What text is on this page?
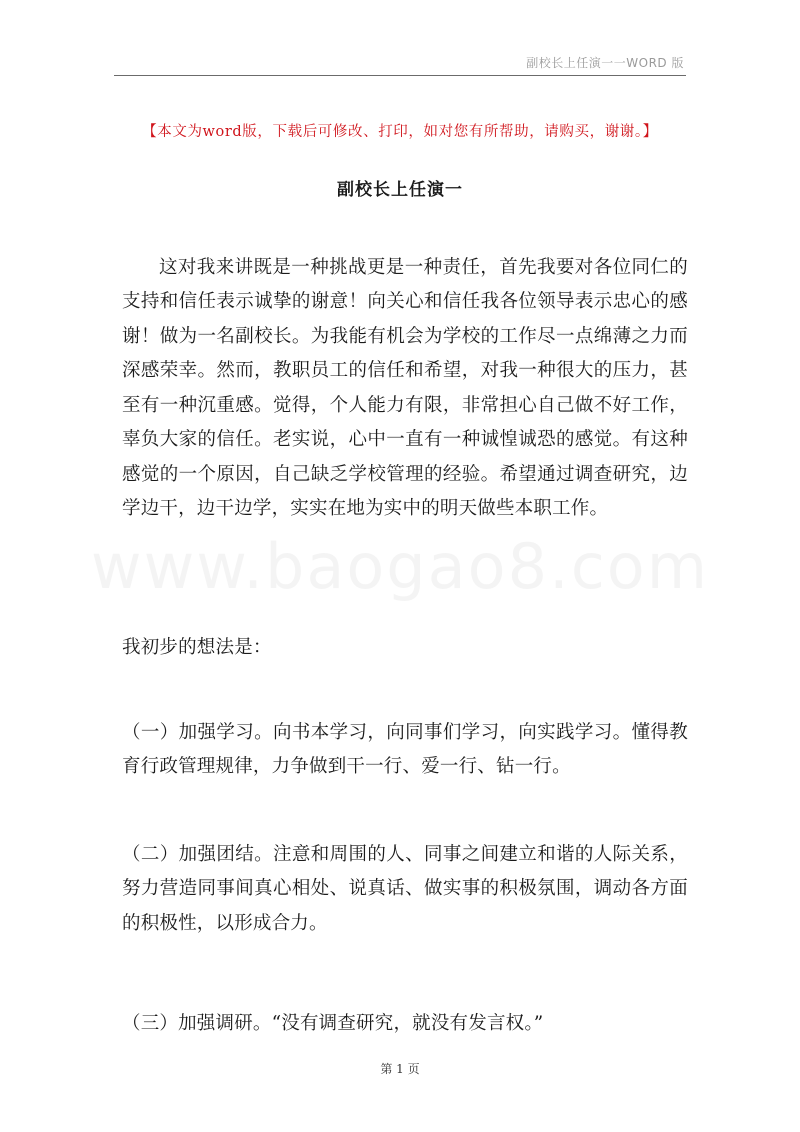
副校长上任演一一WORD 版
【本文为word版，下载后可修改、打印，如对您有所帮助，请购买，谢谢。】
副校长上任演一

这对我来讲既是一种挑战更是一种责任，首先我要对各位同仁的支持和信任表示诚挚的谢意！向关心和信任我各位领导表示忠心的感谢！做为一名副校长。为我能有机会为学校的工作尽一点绵薄之力而深感荣幸。然而，教职员工的信任和希望，对我一种很大的压力，甚至有一种沉重感。觉得，个人能力有限，非常担心自己做不好工作，辜负大家的信任。老实说，心中一直有一种诚惶诚恐的感觉。有这种感觉的一个原因，自己缺乏学校管理的经验。希望通过调查研究，边学边干，边干边学，实实在地为实中的明天做些本职工作。

我初步的想法是：

（一）加强学习。向书本学习，向同事们学习，向实践学习。懂得教育行政管理规律，力争做到干一行、爱一行、钻一行。

（二）加强团结。注意和周围的人、同事之间建立和谐的人际关系，努力营造同事间真心相处、说真话、做实事的积极氛围，调动各方面的积极性，以形成合力。

（三）加强调研。“没有调查研究，就没有发言权。”

第 1 页
